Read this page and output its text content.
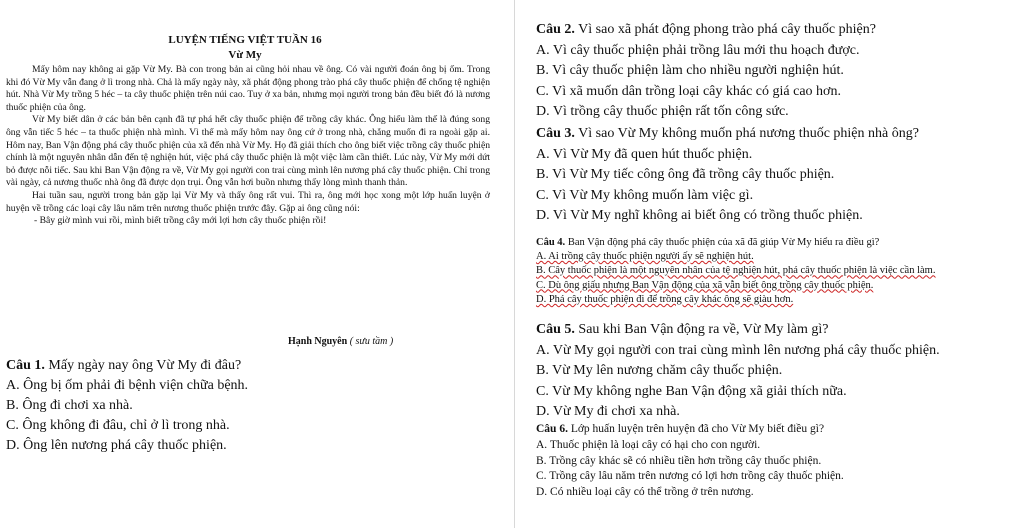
LUYỆN TIẾNG VIỆT TUẦN 16
Vừ My

Mấy hôm nay không ai gặp Vừ My. Bà con trong bản ai cũng hỏi nhau về ông. Có vài người đoán ông bị ốm. Trong khi đó Vừ My vẫn đang ở lì trong nhà. Chả là mấy ngày này, xã phát động phong trào phá cây thuốc phiện để chống tệ nghiện hút. Nhà Vừ My trồng 5 héc – ta cây thuốc phiện trên núi cao. Tuy ở xa bản, nhưng mọi người trong bản đều biết đó là nương thuốc phiện của ông.

Vừ My biết dân ở các bản bên cạnh đã tự phá hết cây thuốc phiện để trồng cây khác. Ông hiểu làm thế là đúng song ông vẫn tiếc 5 héc – ta thuốc phiện nhà mình. Vì thế mà mấy hôm nay ông cứ ở trong nhà, chẳng muốn đi ra ngoài gặp ai. Hôm nay, Ban Vận động phá cây thuốc phiện của xã đến nhà Vừ My. Họ đã giải thích cho ông biết việc trồng cây thuốc phiện chính là một nguyên nhân dẫn đến tệ nghiện hút, việc phá cây thuốc phiện là một việc làm cần thiết. Lúc này, Vừ My mới dứt bỏ được nỗi tiếc. Sau khi Ban Vận động ra về, Vừ My gọi người con trai cùng mình lên nương phá cây thuốc phiện. Chỉ trong vài ngày, cả nương thuốc nhà ông đã được dọn trụi. Ông vẫn hơi buồn nhưng thấy lòng mình thanh thản.

Hai tuần sau, người trong bản gặp lại Vừ My và thấy ông rất vui. Thì ra, ông mới học xong một lớp huấn luyện ở huyện về trồng các loại cây lâu năm trên nương thuốc phiện trước đây. Gặp ai ông cũng nói:

- Bây giờ mình vui rồi, mình biết trồng cây mới lợi hơn cây thuốc phiện rồi!

Hạnh Nguyên ( sưu tầm )
Câu 1. Mấy ngày nay ông Vừ My đi đâu?
A. Ông bị ốm phải đi bệnh viện chữa bệnh.
B. Ông đi chơi xa nhà.
C. Ông không đi đâu, chỉ ở lì trong nhà.
D. Ông lên nương phá cây thuốc phiện.
Câu 2. Vì sao xã phát động phong trào phá cây thuốc phiện?
A. Vì cây thuốc phiện phải trồng lâu mới thu hoạch được.
B. Vì cây thuốc phiện làm cho nhiều người nghiện hút.
C. Vì xã muốn dân trồng loại cây khác có giá cao hơn.
D. Vì trồng cây thuốc phiện rất tốn công sức.
Câu 3. Vì sao Vừ My không muốn phá nương thuốc phiện nhà ông?
A. Vì Vừ My đã quen hút thuốc phiện.
B. Vì Vừ My tiếc công ông đã trồng cây thuốc phiện.
C. Vì Vừ My không muốn làm việc gì.
D. Vì Vừ My nghĩ không ai biết ông có trồng thuốc phiện.
Câu 4. Ban Vận động phá cây thuốc phiện của xã đã giúp Vừ My hiểu ra điều gì?
A. Ai trồng cây thuốc phiện người ấy sẽ nghiện hút.
B. Cây thuốc phiện là một nguyên nhân của tệ nghiện hút, phá cây thuốc phiện là việc cần làm.
C. Dù ông giấu nhưng Ban Vận động của xã vẫn biết ông trồng cây thuốc phiện.
D. Phá cây thuốc phiện đi để trồng cây khác ông sẽ giàu hơn.
Câu 5. Sau khi Ban Vận động ra về, Vừ My làm gì?
A. Vừ My gọi người con trai cùng mình lên nương phá cây thuốc phiện.
B. Vừ My lên nương chăm cây thuốc phiện.
C. Vừ My không nghe Ban Vận động xã giải thích nữa.
D. Vừ My đi chơi xa nhà.
Câu 6. Lớp huấn luyện trên huyện đã cho Vừ My biết điều gì?
A. Thuốc phiện là loại cây có hại cho con người.
B. Trồng cây khác sẽ có nhiều tiền hơn trồng cây thuốc phiện.
C. Trồng cây lâu năm trên nương có lợi hơn trồng cây thuốc phiện.
D. Có nhiều loại cây có thể trồng ở trên nương.
